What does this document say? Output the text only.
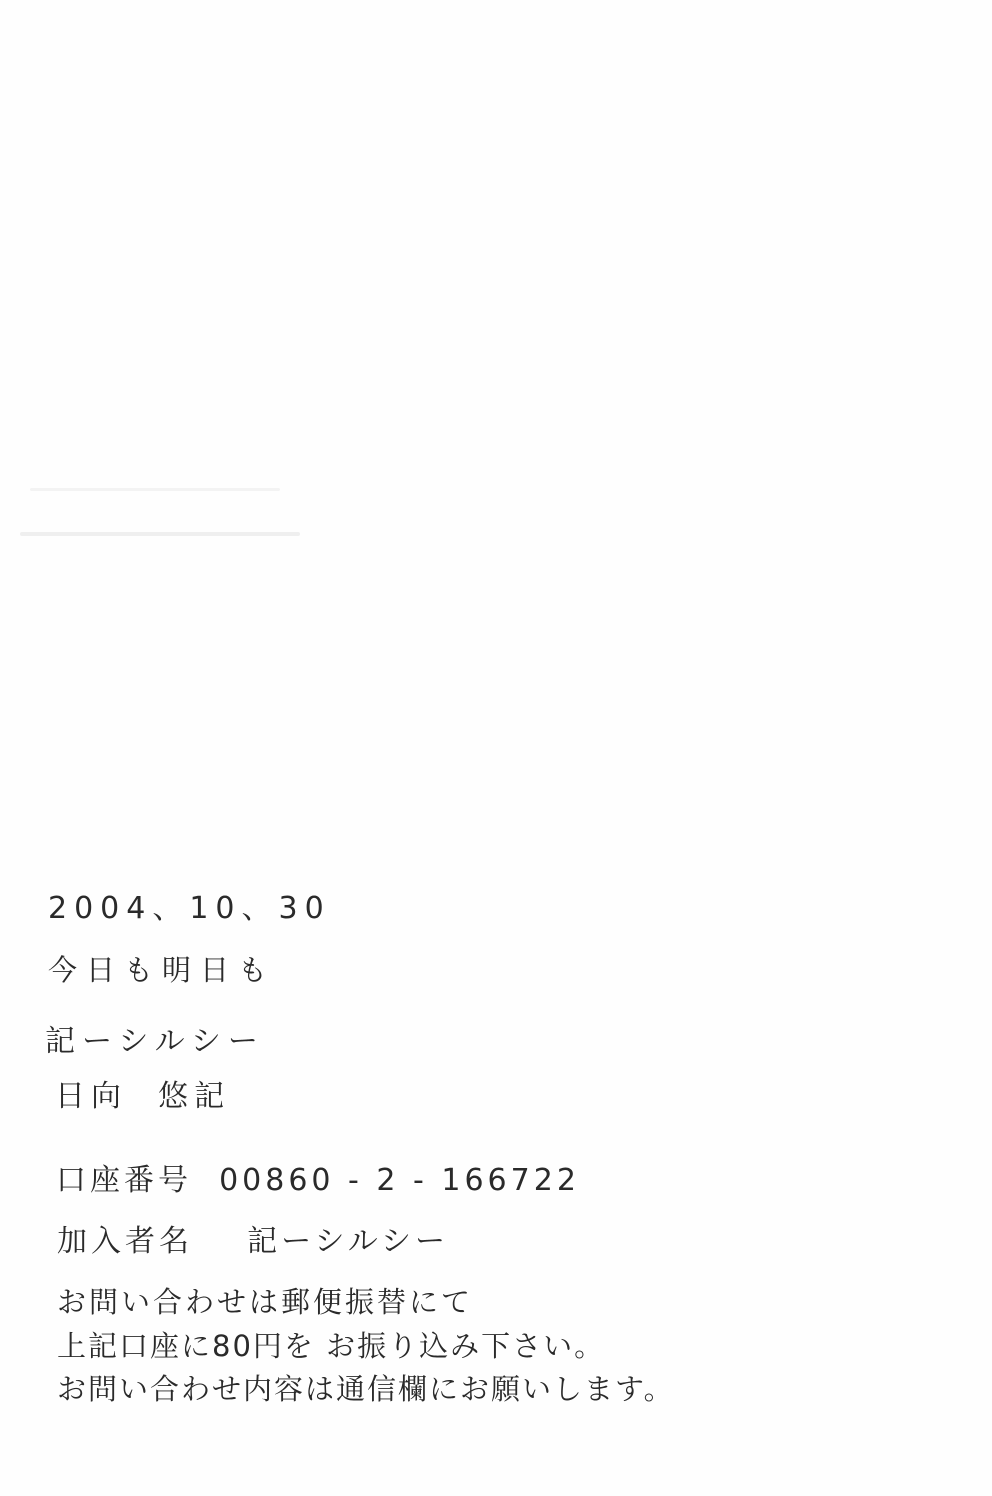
2004、10、30
今日も明日も
記ーシルシー
日向  悠記
口座番号  00860 - 2 - 166722
加入者名    記ーシルシー
お問い合わせは郵便振替にて
上記口座に80円を お振り込み下さい。
お問い合わせ内容は通信欄にお願いします。
